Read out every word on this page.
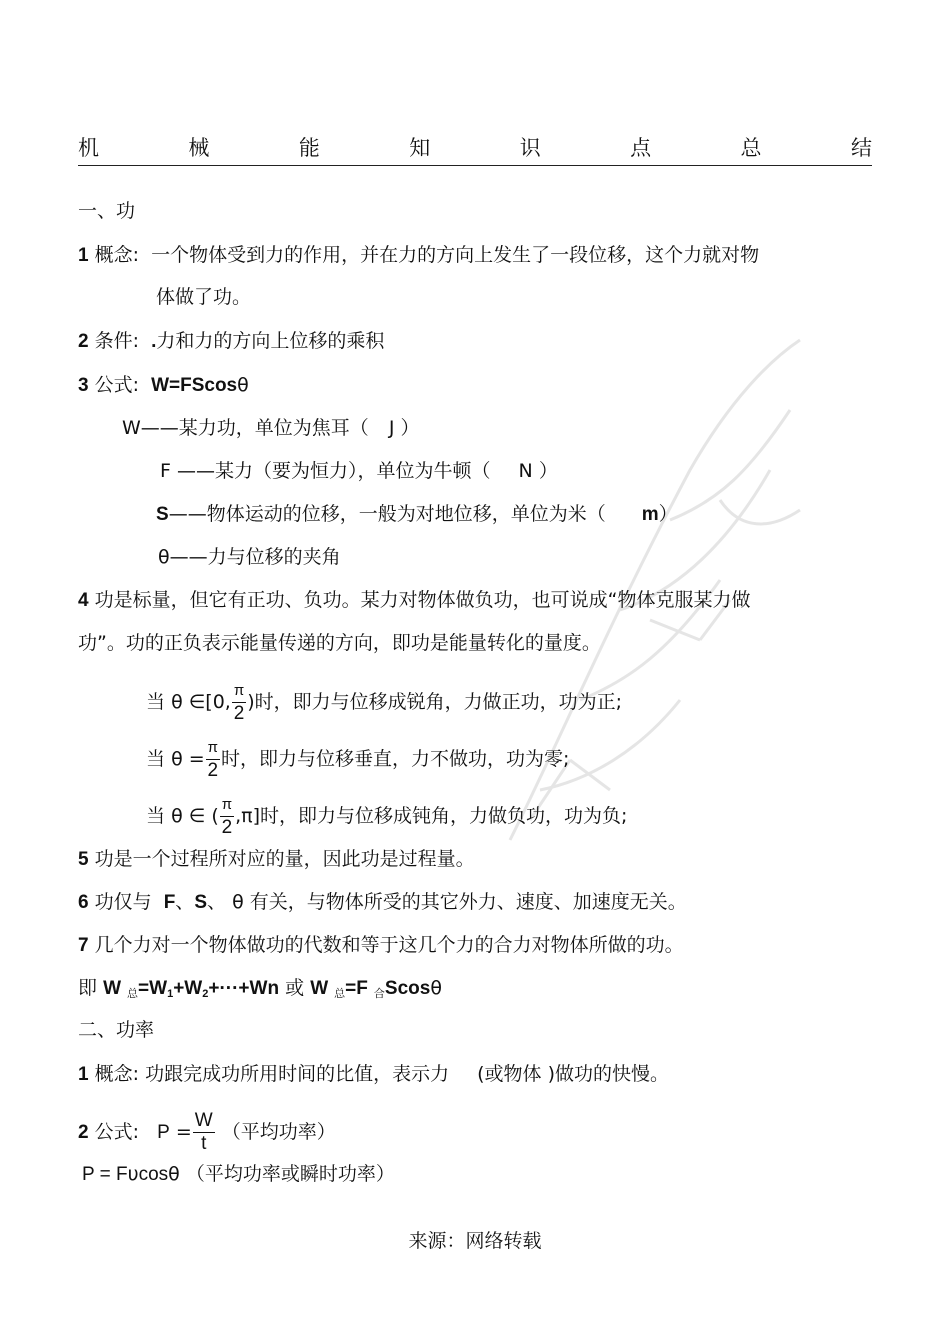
机	械	能	知	识	点	总	结
一、功
1 概念: 一个物体受到力的作用，并在力的方向上发生了一段位移，这个力就对物
体做了功。
2 条件: .力和力的方向上位移的乘积
3 公式: W=FScosθ
W——某力功，单位为焦耳（ J ）
F ——某力（要为恒力），单位为牛顿（ N ）
S——物体运动的位移，一般为对地位移，单位为米（ m）
θ——力与位移的夹角
4 功是标量，但它有正功、负功。某力对物体做负功，也可说成“物体克服某力做
功”。功的正负表示能量传递的方向，即功是能量转化的量度。
当 θ ∈[0, $\frac{\pi}{2}$ )时，即力与位移成锐角，力做正功，功为正;
当 $\theta = \frac{\pi}{2}$ 时，即力与位移垂直，力不做功，功为零;
当 θ ∈ ( $\frac{\pi}{2} ,\pi$]时，即力与位移成钝角，力做负功，功为负;
5 功是一个过程所对应的量，因此功是过程量。
6 功仅与 F、S、 θ 有关，与物体所受的其它外力、速度、加速度无关。
7 几个力对一个物体做功的代数和等于这几个力的合力对物体所做的功。
即 W 总=W1+W2+···+Wn 或 W 总=F 合Scosθ
二、功率
1 概念: 功跟完成功所用时间的比值，表示力 (或物体 )做功的快慢。
2 公式: $P = \frac{W}{t}$ （平均功率）
P = Fυcosθ （平均功率或瞬时功率）
来源：网络转载
